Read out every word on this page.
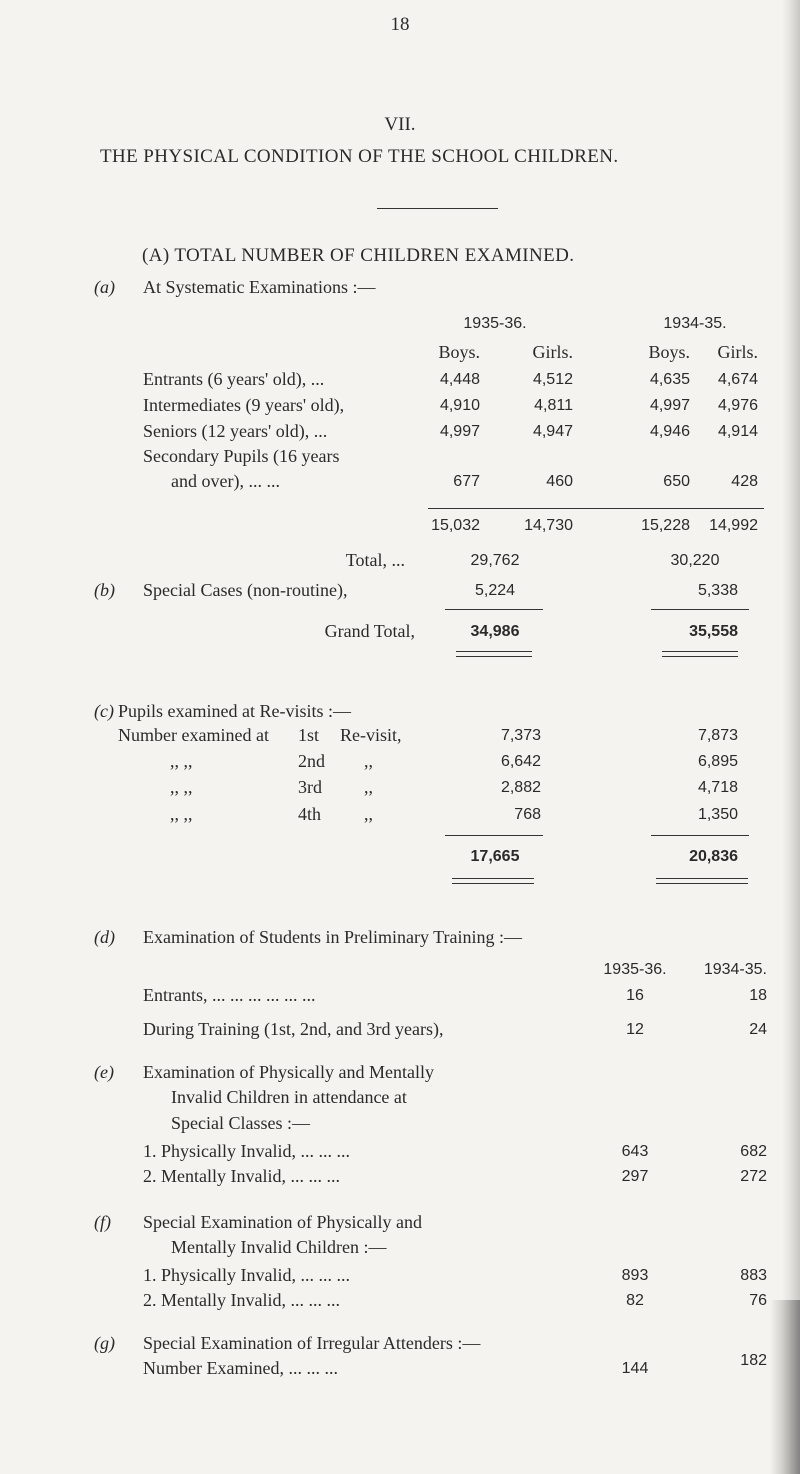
18
VII.
THE PHYSICAL CONDITION OF THE SCHOOL CHILDREN.
(A) TOTAL NUMBER OF CHILDREN EXAMINED.
(a) At Systematic Examinations :—
1935-36.	1934-35.
Boys.	Girls.	Boys.	Girls.
Entrants (6 years' old), ...	4,448	4,512	4,635	4,674
Intermediates (9 years' old),	4,910	4,811	4,997	4,976
Seniors (12 years' old), ...	4,997	4,947	4,946	4,914
Secondary Pupils (16 years
and over), ... ...	677	460	650	428
15,032	14,730	15,228	14,992
Total, ...	29,762	30,220
(b) Special Cases (non-routine),	5,224	5,338
Grand Total,	34,986	35,558
(c) Pupils examined at Re-visits :—
Number examined at 1st Re-visit,	7,373	7,873
,, ,,	2nd ,,	6,642	6,895
,, ,,	3rd ,,	2,882	4,718
,, ,,	4th ,,	768	1,350
17,665	20,836
(d) Examination of Students in Preliminary Training :—
1935-36.	1934-35.
Entrants, ... ... ... ... ... ...	16	18
During Training (1st, 2nd, and 3rd years),	12	24
(e) Examination of Physically and Mentally
Invalid Children in attendance at
Special Classes :—
1. Physically Invalid, ... ... ...	643	682
2. Mentally Invalid, ... ... ...	297	272
(f) Special Examination of Physically and
Mentally Invalid Children :—
1. Physically Invalid, ... ... ...	893	883
2. Mentally Invalid, ... ... ...	82	76
(g) Special Examination of Irregular Attenders :—
Number Examined, ... ... ...	144	182
